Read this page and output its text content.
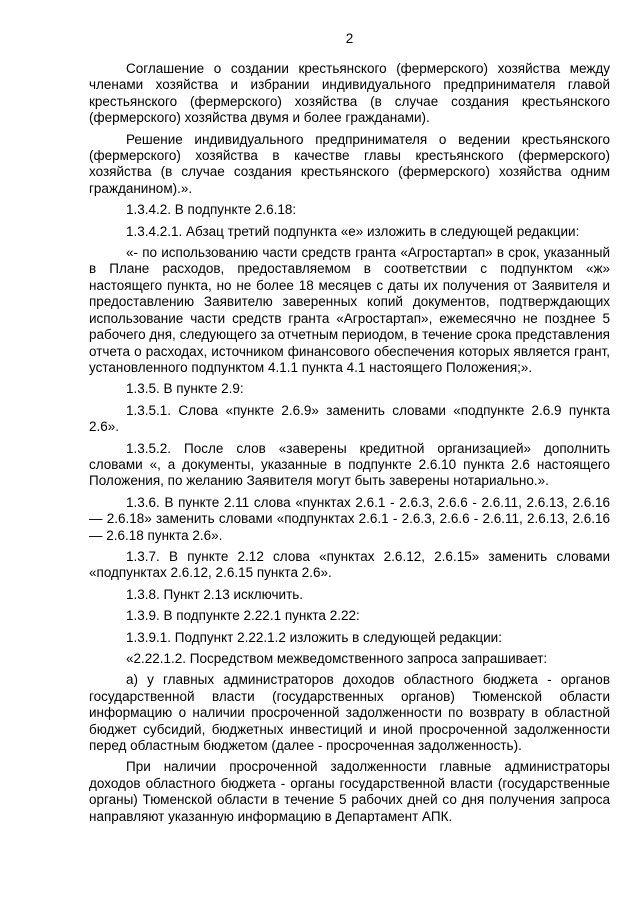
2

Соглашение о создании крестьянского (фермерского) хозяйства между членами хозяйства и избрании индивидуального предпринимателя главой крестьянского (фермерского) хозяйства (в случае создания крестьянского (фермерского) хозяйства двумя и более гражданами).

Решение индивидуального предпринимателя о ведении крестьянского (фермерского) хозяйства в качестве главы крестьянского (фермерского) хозяйства (в случае создания крестьянского (фермерского) хозяйства одним гражданином).».

1.3.4.2. В подпункте 2.6.18:

1.3.4.2.1. Абзац третий подпункта «е» изложить в следующей редакции:

«- по использованию части средств гранта «Агростартап» в срок, указанный в Плане расходов, предоставляемом в соответствии с подпунктом «ж» настоящего пункта, но не более 18 месяцев с даты их получения от Заявителя и предоставлению Заявителю заверенных копий документов, подтверждающих использование части средств гранта «Агростартап», ежемесячно не позднее 5 рабочего дня, следующего за отчетным периодом, в течение срока представления отчета о расходах, источником финансового обеспечения которых является грант, установленного подпунктом 4.1.1 пункта 4.1 настоящего Положения;».

1.3.5. В пункте 2.9:

1.3.5.1. Слова «пункте 2.6.9» заменить словами «подпункте 2.6.9 пункта 2.6».

1.3.5.2. После слов «заверены кредитной организацией» дополнить словами «, а документы, указанные в подпункте 2.6.10 пункта 2.6 настоящего Положения, по желанию Заявителя могут быть заверены нотариально.».

1.3.6. В пункте 2.11 слова «пунктах 2.6.1 - 2.6.3, 2.6.6 - 2.6.11, 2.6.13, 2.6.16 — 2.6.18» заменить словами «подпунктах 2.6.1 - 2.6.3, 2.6.6 - 2.6.11, 2.6.13, 2.6.16 — 2.6.18 пункта 2.6».

1.3.7. В пункте 2.12 слова «пунктах 2.6.12, 2.6.15» заменить словами «подпунктах 2.6.12, 2.6.15 пункта 2.6».

1.3.8. Пункт 2.13 исключить.

1.3.9. В подпункте 2.22.1 пункта 2.22:

1.3.9.1. Подпункт 2.22.1.2 изложить в следующей редакции:

«2.22.1.2. Посредством межведомственного запроса запрашивает:

а) у главных администраторов доходов областного бюджета - органов государственной власти (государственных органов) Тюменской области информацию о наличии просроченной задолженности по возврату в областной бюджет субсидий, бюджетных инвестиций и иной просроченной задолженности перед областным бюджетом (далее - просроченная задолженность).

При наличии просроченной задолженности главные администраторы доходов областного бюджета - органы государственной власти (государственные органы) Тюменской области в течение 5 рабочих дней со дня получения запроса направляют указанную информацию в Департамент АПК.
